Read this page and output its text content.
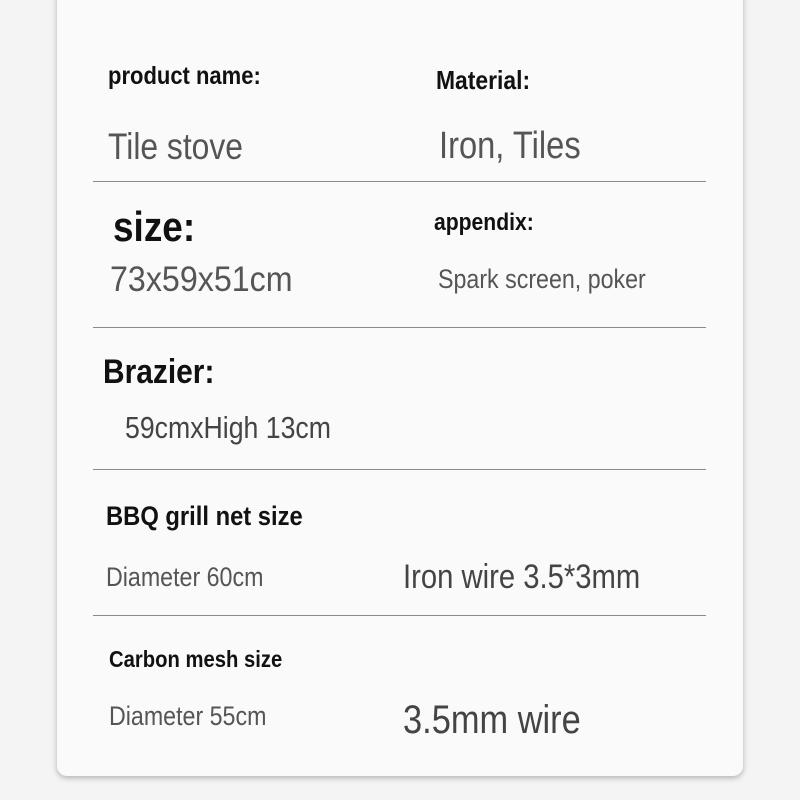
product name:
Tile stove
Material:
Iron, Tiles
size:
73x59x51cm
appendix:
Spark screen, poker
Brazier:
59cmxHigh 13cm
BBQ grill net size
Diameter 60cm	Iron wire 3.5*3mm
Carbon mesh size
Diameter 55cm	3.5mm wire
